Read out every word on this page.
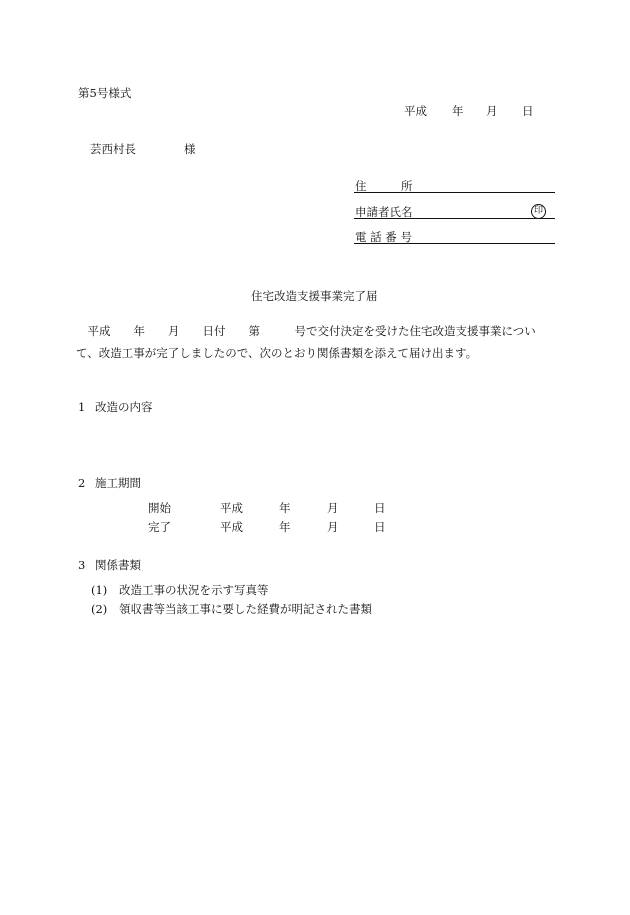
第5号様式
平成 年 月 日
芸西村長	様
住　　　所
申請者氏名	印
電 話 番 号
住宅改造支援事業完了届
　平成　　年　　月　　日付　　第　　　号で交付決定を受けた住宅改造支援事業につい
て、改造工事が完了しましたので、次のとおり関係書類を添えて届け出ます。
1 改造の内容
2 施工期間
開始	平成	年	月	日
完了	平成	年	月	日
3 関係書類
(1) 改造工事の状況を示す写真等
(2) 領収書等当該工事に要した経費が明記された書類
